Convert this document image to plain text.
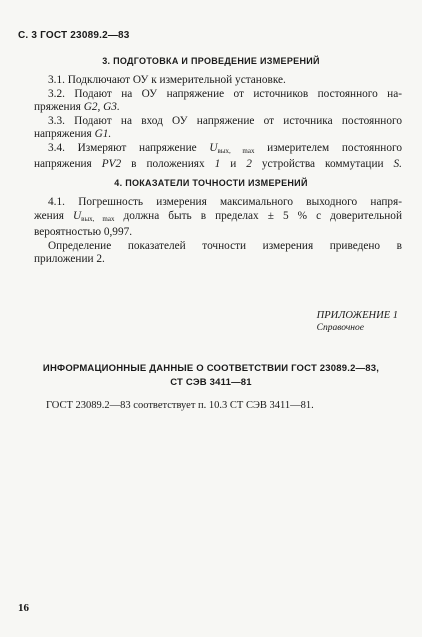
С. 3 ГОСТ 23089.2—83
3. ПОДГОТОВКА И ПРОВЕДЕНИЕ ИЗМЕРЕНИЙ
3.1. Подключают ОУ к измерительной установке.
3.2. Подают на ОУ напряжение от источников постоянного на-
пряжения G2, G3.
3.3. Подают на вход ОУ напряжение от источника постоянного
напряжения G1.
3.4. Измеряют напряжение $U_{вых, max}$ измерителем постоянного
напряжения PV2 в положениях 1 и 2 устройства коммутации S.
4. ПОКАЗАТЕЛИ ТОЧНОСТИ ИЗМЕРЕНИЙ
4.1. Погрешность измерения максимального выходного напря-
жения $U_{вых, max}$ должна быть в пределах ± 5 % с доверительной
вероятностью 0,997.
Определение показателей точности измерения приведено в
приложении 2.
ПРИЛОЖЕНИЕ 1
Справочное
ИНФОРМАЦИОННЫЕ ДАННЫЕ О СООТВЕТСТВИИ ГОСТ 23089.2—83,
СТ СЭВ 3411—81
ГОСТ 23089.2—83 соответствует п. 10.3 СТ СЭВ 3411—81.
16
